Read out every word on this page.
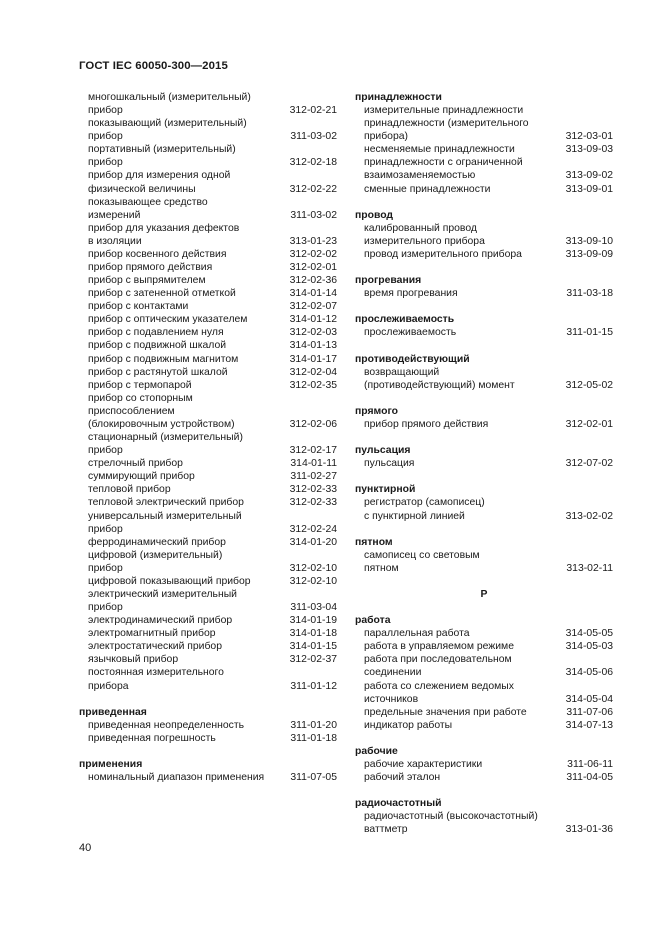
ГОСТ IEC 60050-300—2015
многошкальный (измерительный)
прибор	312-02-21
показывающий (измерительный)
прибор	311-03-02
портативный (измерительный)
прибор	312-02-18
прибор для измерения одной
физической величины	312-02-22
показывающее средство
измерений	311-03-02
прибор для указания дефектов
в изоляции	313-01-23
прибор косвенного действия	312-02-02
прибор прямого действия	312-02-01
прибор с выпрямителем	312-02-36
прибор с затененной отметкой	314-01-14
прибор с контактами	312-02-07
прибор с оптическим указателем	314-01-12
прибор с подавлением нуля	312-02-03
прибор с подвижной шкалой	314-01-13
прибор с подвижным магнитом	314-01-17
прибор с растянутой шкалой	312-02-04
прибор с термопарой	312-02-35
прибор со стопорным
приспособлением
(блокировочным устройством)	312-02-06
стационарный (измерительный)
прибор	312-02-17
стрелочный прибор	314-01-11
суммирующий прибор	311-02-27
тепловой прибор	312-02-33
тепловой электрический прибор	312-02-33
универсальный измерительный
прибор	312-02-24
ферродинамический прибор	314-01-20
цифровой (измерительный)
прибор	312-02-10
цифровой показывающий прибор	312-02-10
электрический измерительный
прибор	311-03-04
электродинамический прибор	314-01-19
электромагнитный прибор	314-01-18
электростатический прибор	314-01-15
язычковый прибор	312-02-37
постоянная измерительного
прибора	311-01-12
приведенная
приведенная неопределенность	311-01-20
приведенная погрешность	311-01-18
применения
номинальный диапазон применения	311-07-05
принадлежности
измерительные принадлежности
принадлежности (измерительного
прибора)	312-03-01
несменяемые принадлежности	313-09-03
принадлежности с ограниченной
взаимозаменяемостью	313-09-02
сменные принадлежности	313-09-01
провод
калиброванный провод
измерительного прибора	313-09-10
провод измерительного прибора	313-09-09
прогревания
время прогревания	311-03-18
прослеживаемость
прослеживаемость	311-01-15
противодействующий
возвращающий
(противодействующий) момент	312-05-02
прямого
прибор прямого действия	312-02-01
пульсация
пульсация	312-07-02
пунктирной
регистратор (самописец)
с пунктирной линией	313-02-02
пятном
самописец со световым
пятном	313-02-11
Р
работа
параллельная работа	314-05-05
работа в управляемом режиме	314-05-03
работа при последовательном
соединении	314-05-06
работа со слежением ведомых
источников	314-05-04
предельные значения при работе	311-07-06
индикатор работы	314-07-13
рабочие
рабочие характеристики	311-06-11
рабочий эталон	311-04-05
радиочастотный
радиочастотный (высокочастотный)
ваттметр	313-01-36
40
